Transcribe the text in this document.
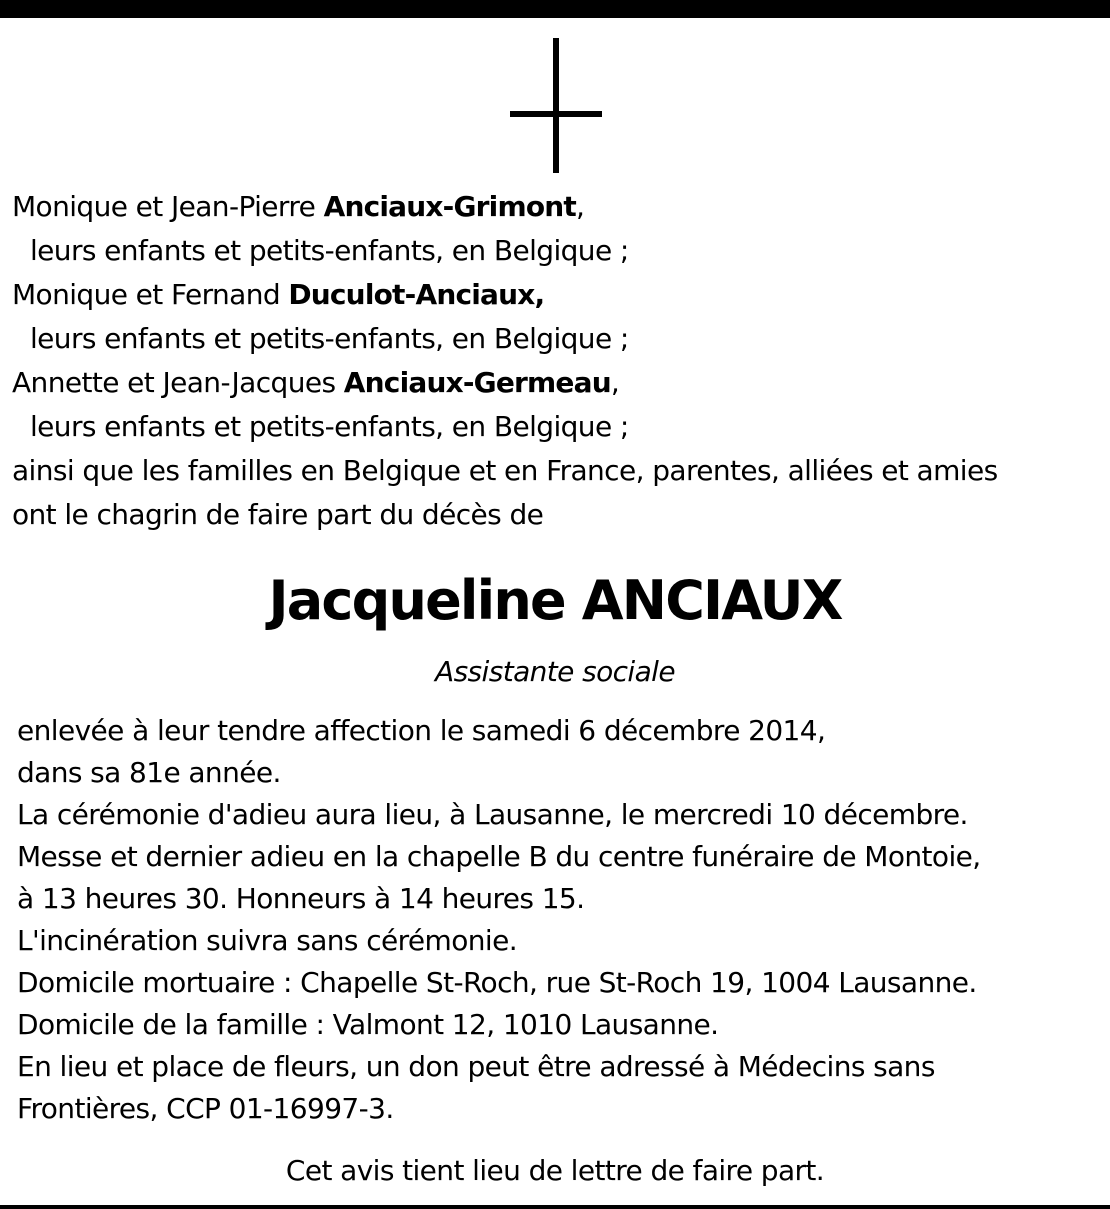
Monique et Jean-Pierre Anciaux-Grimont,
leurs enfants et petits-enfants, en Belgique ;
Monique et Fernand Duculot-Anciaux,
leurs enfants et petits-enfants, en Belgique ;
Annette et Jean-Jacques Anciaux-Germeau,
leurs enfants et petits-enfants, en Belgique ;
ainsi que les familles en Belgique et en France, parentes, alliées et amies
ont le chagrin de faire part du décès de
Jacqueline ANCIAUX
Assistante sociale
enlevée à leur tendre affection le samedi 6 décembre 2014,
dans sa 81e année.
La cérémonie d'adieu aura lieu, à Lausanne, le mercredi 10 décembre.
Messe et dernier adieu en la chapelle B du centre funéraire de Montoie,
à 13 heures 30. Honneurs à 14 heures 15.
L'incinération suivra sans cérémonie.
Domicile mortuaire : Chapelle St-Roch, rue St-Roch 19, 1004 Lausanne.
Domicile de la famille : Valmont 12, 1010 Lausanne.
En lieu et place de fleurs, un don peut être adressé à Médecins sans
Frontières, CCP 01-16997-3.
Cet avis tient lieu de lettre de faire part.
